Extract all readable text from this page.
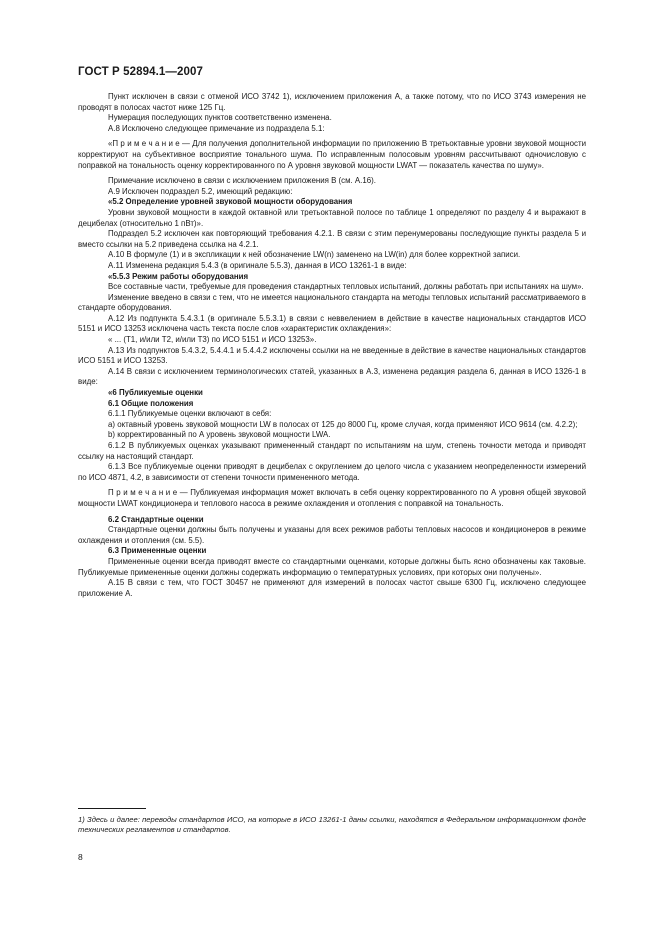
ГОСТ Р 52894.1—2007

Пункт исключен в связи с отменой ИСО 3742 1), исключением приложения А, а также потому, что по ИСО 3743 измерения не проводят в полосах частот ниже 125 Гц.

Нумерация последующих пунктов соответственно изменена.

А.8 Исключено следующее примечание из подраздела 5.1:

«П р и м е ч а н и е — Для получения дополнительной информации по приложению В третьоктавные уровни звуковой мощности корректируют на субъективное восприятие тонального шума. По исправленным полосовым уровням рассчитывают одночисловую с поправкой на тональность оценку корректированного по А уровня звуковой мощности LWAT — показатель качества по шуму».

Примечание исключено в связи с исключением приложения В (см. А.16).

А.9 Исключен подраздел 5.2, имеющий редакцию:

«5.2 Определение уровней звуковой мощности оборудования

Уровни звуковой мощности в каждой октавной или третьоктавной полосе по таблице 1 определяют по разделу 4 и выражают в децибелах (относительно 1 пВт)».

Подраздел 5.2 исключен как повторяющий требования 4.2.1. В связи с этим перенумерованы последующие пункты раздела 5 и вместо ссылки на 5.2 приведена ссылка на 4.2.1.

А.10 В формуле (1) и в экспликации к ней обозначение LW(n) заменено на LW(in) для более корректной записи.

А.11 Изменена редакция 5.4.3 (в оригинале 5.5.3), данная в ИСО 13261-1 в виде:

«5.5.3 Режим работы оборудования

Все составные части, требуемые для проведения стандартных тепловых испытаний, должны работать при испытаниях на шум».

Изменение введено в связи с тем, что не имеется национального стандарта на методы тепловых испытаний рассматриваемого в стандарте оборудования.

А.12 Из подпункта 5.4.3.1 (в оригинале 5.5.3.1) в связи с неввелением в действие в качестве национальных стандартов ИСО 5151 и ИСО 13253 исключена часть текста после слов «характеристик охлаждения»:

« ... (T1, и/или T2, и/или T3) по ИСО 5151 и ИСО 13253».

А.13 Из подпунктов 5.4.3.2, 5.4.4.1 и 5.4.4.2 исключены ссылки на не введенные в действие в качестве национальных стандартов ИСО 5151 и ИСО 13253.

А.14 В связи с исключением терминологических статей, указанных в А.3, изменена редакция раздела 6, данная в ИСО 1326-1 в виде:

«6 Публикуемые оценки

6.1 Общие положения

6.1.1 Публикуемые оценки включают в себя:

а) октавный уровень звуковой мощности LW в полосах от 125 до 8000 Гц, кроме случая, когда применяют ИСО 9614 (см. 4.2.2);

b) корректированный по А уровень звуковой мощности LWA.

6.1.2 В публикуемых оценках указывают примененный стандарт по испытаниям на шум, степень точности метода и приводят ссылку на настоящий стандарт.

6.1.3 Все публикуемые оценки приводят в децибелах с округлением до целого числа с указанием неопределенности измерений по ИСО 4871, 4.2, в зависимости от степени точности примененного метода.

П р и м е ч а н и е — Публикуемая информация может включать в себя оценку корректированного по А уровня общей звуковой мощности LWAT кондиционера и теплового насоса в режиме охлаждения и отопления с поправкой на тональность.

6.2 Стандартные оценки

Стандартные оценки должны быть получены и указаны для всех режимов работы тепловых насосов и кондиционеров в режиме охлаждения и отопления (см. 5.5).

6.3 Примененные оценки

Примененные оценки всегда приводят вместе со стандартными оценками, которые должны быть ясно обозначены как таковые. Публикуемые примененные оценки должны содержать информацию о температурных условиях, при которых они получены».

А.15 В связи с тем, что ГОСТ 30457 не применяют для измерений в полосах частот свыше 6300 Гц, исключено следующее приложение А.

1) Здесь и далее: переводы стандартов ИСО, на которые в ИСО 13261-1 даны ссылки, находятся в Федеральном информационном фонде технических регламентов и стандартов.
8
